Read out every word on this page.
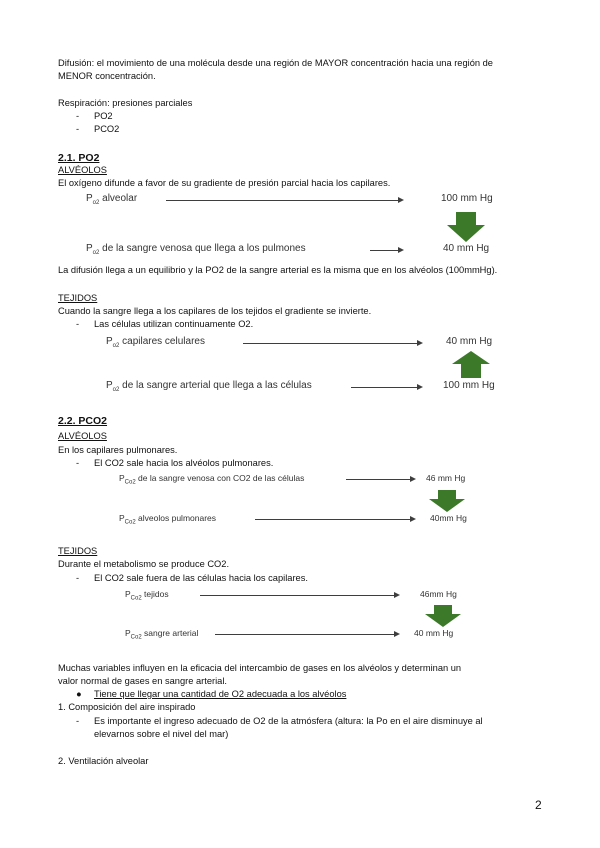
Difusión: el movimiento de una molécula desde una región de MAYOR concentración hacia una región de
MENOR concentración.
Respiración: presiones parciales
- PO2
- PCO2
2.1. PO2
ALVÉOLOS
El oxígeno difunde a favor de su gradiente de presión parcial hacia los capilares.
$P_{o2}$ alveolar	100 mm Hg
$P_{o2}$ de la sangre venosa que llega a los pulmones	40 mm Hg
La difusión llega a un equilibrio y la PO2 de la sangre arterial es la misma que en los alvéolos (100mmHg).
TEJIDOS
Cuando la sangre llega a los capilares de los tejidos el gradiente se invierte.
- Las células utilizan continuamente O2.
$P_{o2}$ capilares celulares	40 mm Hg
$P_{o2}$ de la sangre arterial que llega a las células	100 mm Hg
2.2. PCO2
ALVÉOLOS
En los capilares pulmonares.
- El CO2 sale hacia los alvéolos pulmonares.
$P_{Co2}$ de la sangre venosa con CO2 de las células	46 mm Hg
$P_{Co2}$ alveolos pulmonares	40mm Hg
TEJIDOS
Durante el metabolismo se produce CO2.
- El CO2 sale fuera de las células hacia los capilares.
$P_{Co2}$ tejidos	46mm Hg
$P_{Co2}$ sangre arterial	40 mm Hg
Muchas variables influyen en la eficacia del intercambio de gases en los alvéolos y determinan un
valor normal de gases en sangre arterial.
● Tiene que llegar una cantidad de O2 adecuada a los alvéolos
1. Composición del aire inspirado
- Es importante el ingreso adecuado de O2 de la atmósfera (altura: la Po en el aire disminuye al
elevarnos sobre el nivel del mar)
2. Ventilación alveolar
2
